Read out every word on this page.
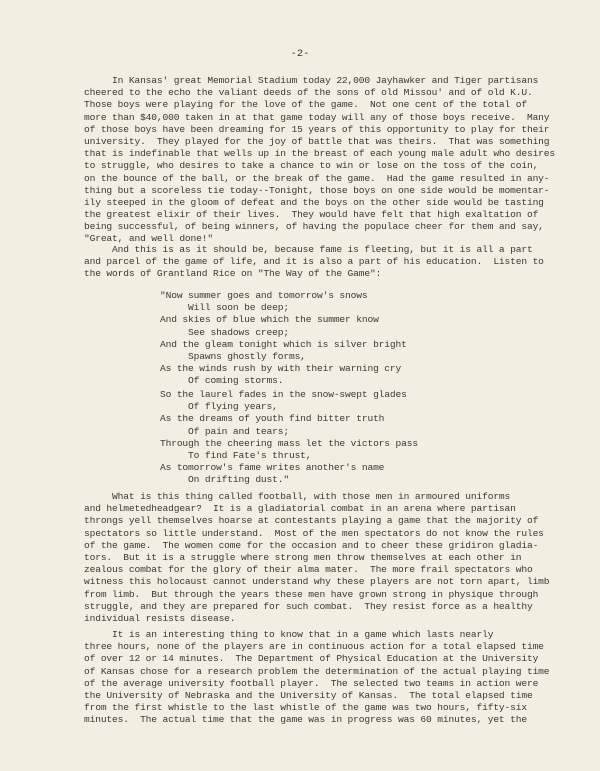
-2-
In Kansas' great Memorial Stadium today 22,000 Jayhawker and Tiger partisans
cheered to the echo the valiant deeds of the sons of old Missou' and of old K.U.
Those boys were playing for the love of the game.  Not one cent of the total of
more than $40,000 taken in at that game today will any of those boys receive.  Many
of those boys have been dreaming for 15 years of this opportunity to play for their
university.  They played for the joy of battle that was theirs.  That was something
that is indefinable that wells up in the breast of each young male adult who desires
to struggle, who desires to take a chance to win or lose on the toss of the coin,
on the bounce of the ball, or the break of the game.  Had the game resulted in any-
thing but a scoreless tie today--Tonight, those boys on one side would be momentar-
ily steeped in the gloom of defeat and the boys on the other side would be tasting
the greatest elixir of their lives.  They would have felt that high exaltation of
being successful, of being winners, of having the populace cheer for them and say,
"Great, and well done!"
And this is as it should be, because fame is fleeting, but it is all a part
and parcel of the game of life, and it is also a part of his education.  Listen to
the words of Grantland Rice on "The Way of the Game":
"Now summer goes and tomorrow's snows
Will soon be deep;
And skies of blue which the summer know
See shadows creep;
And the gleam tonight which is silver bright
Spawns ghostly forms,
As the winds rush by with their warning cry
Of coming storms.
So the laurel fades in the snow-swept glades
Of flying years,
As the dreams of youth find bitter truth
Of pain and tears;
Through the cheering mass let the victors pass
To find Fate's thrust,
As tomorrow's fame writes another's name
On drifting dust."
What is this thing called football, with those men in armoured uniforms
and helmetedheadgear?  It is a gladiatorial combat in an arena where partisan
throngs yell themselves hoarse at contestants playing a game that the majority of
spectators so little understand.  Most of the men spectators do not know the rules
of the game.  The women come for the occasion and to cheer these gridiron gladia-
tors.  But it is a struggle where strong men throw themselves at each other in
zealous combat for the glory of their alma mater.  The more frail spectators who
witness this holocaust cannot understand why these players are not torn apart, limb
from limb.  But through the years these men have grown strong in physique through
struggle, and they are prepared for such combat.  They resist force as a healthy
individual resists disease.
It is an interesting thing to know that in a game which lasts nearly
three hours, none of the players are in continuous action for a total elapsed time
of over 12 or 14 minutes.  The Department of Physical Education at the University
of Kansas chose for a research problem the determination of the actual playing time
of the average university football player.  The selected two teams in action were
the University of Nebraska and the University of Kansas.  The total elapsed time
from the first whistle to the last whistle of the game was two hours, fifty-six
minutes.  The actual time that the game was in progress was 60 minutes, yet the
